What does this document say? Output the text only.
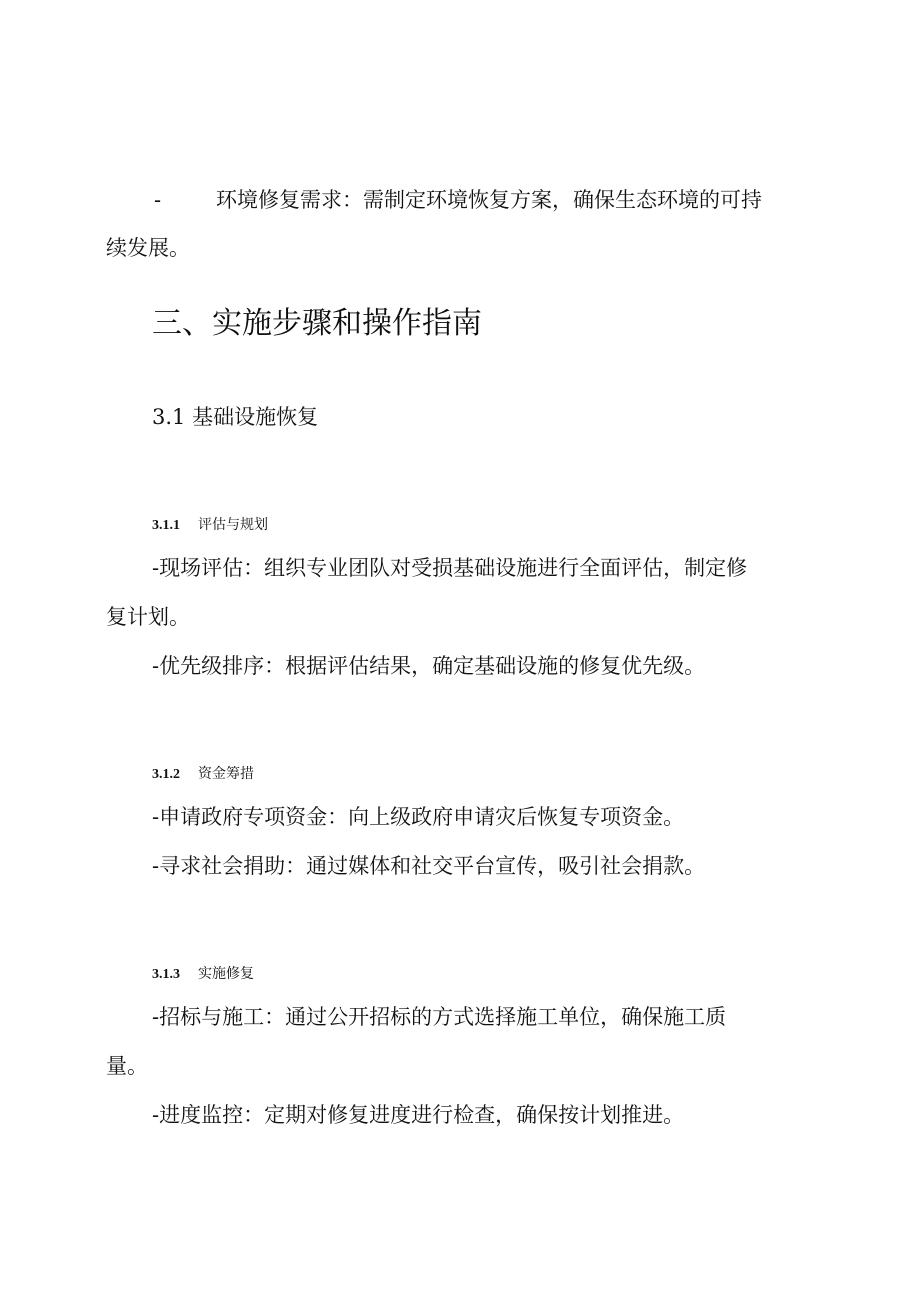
-	环境修复需求：需制定环境恢复方案，确保生态环境的可持
续发展。
三、实施步骤和操作指南
3.1 基础设施恢复
3.1.1 评估与规划
-现场评估：组织专业团队对受损基础设施进行全面评估，制定修
复计划。
-优先级排序：根据评估结果，确定基础设施的修复优先级。
3.1.2 资金筹措
-申请政府专项资金：向上级政府申请灾后恢复专项资金。
-寻求社会捐助：通过媒体和社交平台宣传，吸引社会捐款。
3.1.3 实施修复
-招标与施工：通过公开招标的方式选择施工单位，确保施工质
量。
-进度监控：定期对修复进度进行检查，确保按计划推进。
